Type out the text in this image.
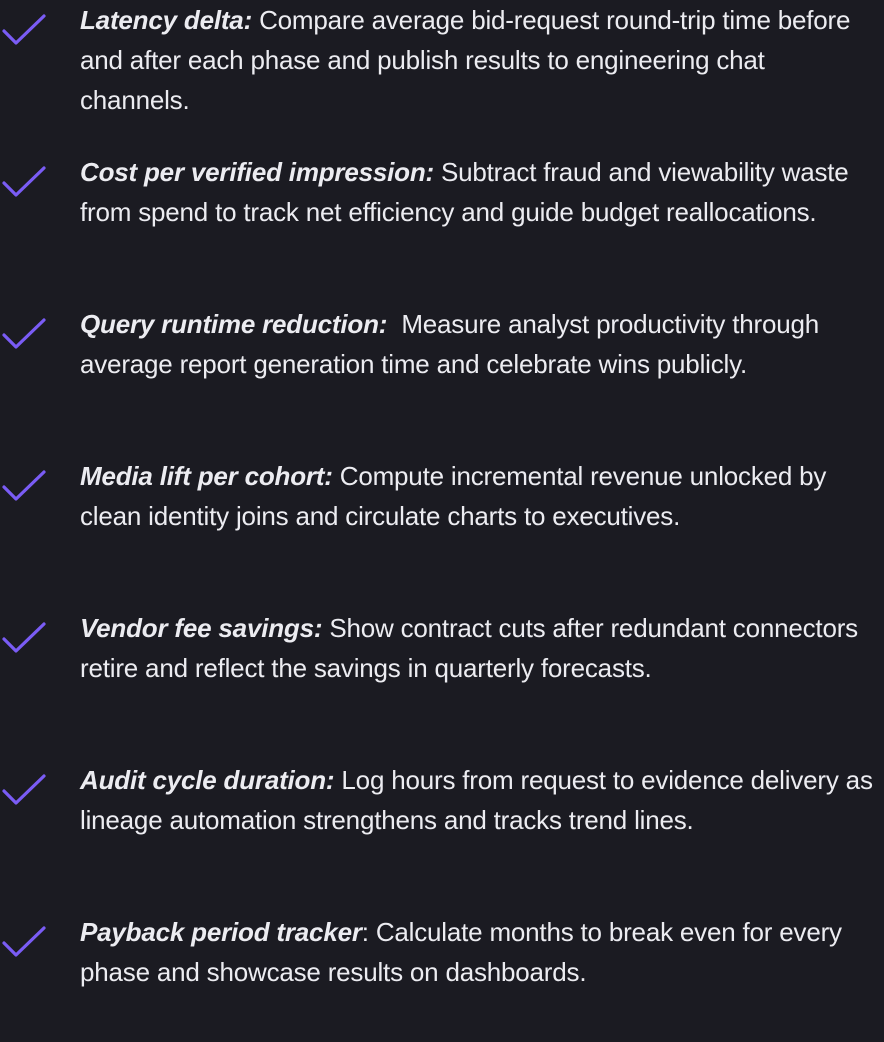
Latency delta: Compare average bid-request round-trip time before and after each phase and publish results to engineering chat channels.

Cost per verified impression: Subtract fraud and viewability waste from spend to track net efficiency and guide budget reallocations.

Query runtime reduction: Measure analyst productivity through average report generation time and celebrate wins publicly.

Media lift per cohort: Compute incremental revenue unlocked by clean identity joins and circulate charts to executives.

Vendor fee savings: Show contract cuts after redundant connectors retire and reflect the savings in quarterly forecasts.

Audit cycle duration: Log hours from request to evidence delivery as lineage automation strengthens and tracks trend lines.

Payback period tracker: Calculate months to break even for every phase and showcase results on dashboards.
